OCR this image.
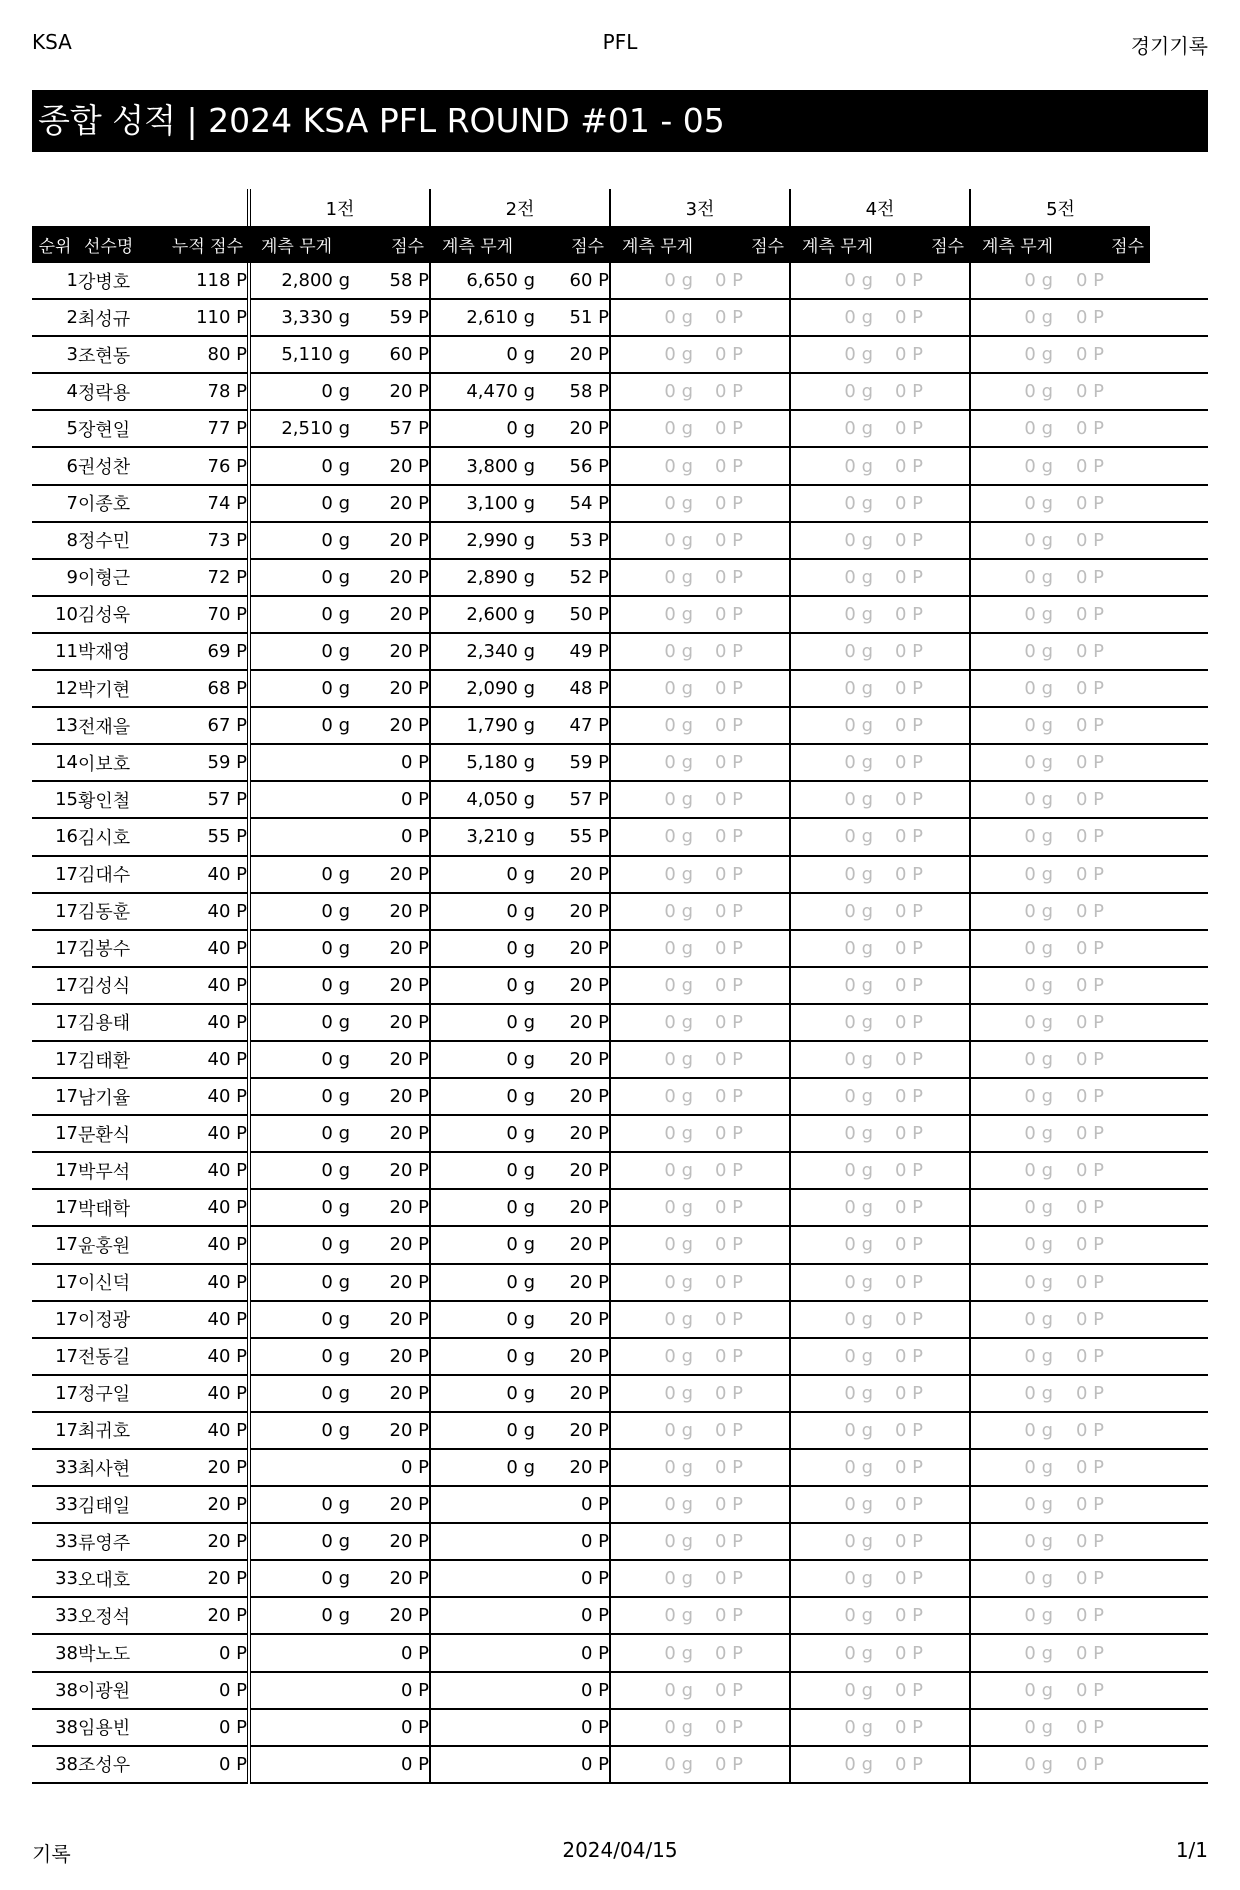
KSA	PFL	경기기록
종합 성적 | 2024 KSA PFL ROUND #01 - 05
			1전		2전		3전		4전		5전		
순위	선수명	누적 점수	계측 무게	점수	계측 무게	점수	계측 무게	점수	계측 무게	점수	계측 무게	점수	
1	강병호	118 P	2,800 g	58 P	6,650 g	60 P	0 g	0 P	0 g	0 P	0 g	0 P	
2	최성규	110 P	3,330 g	59 P	2,610 g	51 P	0 g	0 P	0 g	0 P	0 g	0 P	
3	조현동	80 P	5,110 g	60 P	0 g	20 P	0 g	0 P	0 g	0 P	0 g	0 P	
4	정락용	78 P	0 g	20 P	4,470 g	58 P	0 g	0 P	0 g	0 P	0 g	0 P	
5	장현일	77 P	2,510 g	57 P	0 g	20 P	0 g	0 P	0 g	0 P	0 g	0 P	
6	권성찬	76 P	0 g	20 P	3,800 g	56 P	0 g	0 P	0 g	0 P	0 g	0 P	
7	이종호	74 P	0 g	20 P	3,100 g	54 P	0 g	0 P	0 g	0 P	0 g	0 P	
8	정수민	73 P	0 g	20 P	2,990 g	53 P	0 g	0 P	0 g	0 P	0 g	0 P	
9	이형근	72 P	0 g	20 P	2,890 g	52 P	0 g	0 P	0 g	0 P	0 g	0 P	
10	김성욱	70 P	0 g	20 P	2,600 g	50 P	0 g	0 P	0 g	0 P	0 g	0 P	
11	박재영	69 P	0 g	20 P	2,340 g	49 P	0 g	0 P	0 g	0 P	0 g	0 P	
12	박기현	68 P	0 g	20 P	2,090 g	48 P	0 g	0 P	0 g	0 P	0 g	0 P	
13	전재을	67 P	0 g	20 P	1,790 g	47 P	0 g	0 P	0 g	0 P	0 g	0 P	
14	이보호	59 P		0 P	5,180 g	59 P	0 g	0 P	0 g	0 P	0 g	0 P	
15	황인철	57 P		0 P	4,050 g	57 P	0 g	0 P	0 g	0 P	0 g	0 P	
16	김시호	55 P		0 P	3,210 g	55 P	0 g	0 P	0 g	0 P	0 g	0 P	
17	김대수	40 P	0 g	20 P	0 g	20 P	0 g	0 P	0 g	0 P	0 g	0 P	
17	김동훈	40 P	0 g	20 P	0 g	20 P	0 g	0 P	0 g	0 P	0 g	0 P	
17	김봉수	40 P	0 g	20 P	0 g	20 P	0 g	0 P	0 g	0 P	0 g	0 P	
17	김성식	40 P	0 g	20 P	0 g	20 P	0 g	0 P	0 g	0 P	0 g	0 P	
17	김용태	40 P	0 g	20 P	0 g	20 P	0 g	0 P	0 g	0 P	0 g	0 P	
17	김태환	40 P	0 g	20 P	0 g	20 P	0 g	0 P	0 g	0 P	0 g	0 P	
17	남기율	40 P	0 g	20 P	0 g	20 P	0 g	0 P	0 g	0 P	0 g	0 P	
17	문환식	40 P	0 g	20 P	0 g	20 P	0 g	0 P	0 g	0 P	0 g	0 P	
17	박무석	40 P	0 g	20 P	0 g	20 P	0 g	0 P	0 g	0 P	0 g	0 P	
17	박태학	40 P	0 g	20 P	0 g	20 P	0 g	0 P	0 g	0 P	0 g	0 P	
17	윤홍원	40 P	0 g	20 P	0 g	20 P	0 g	0 P	0 g	0 P	0 g	0 P	
17	이신덕	40 P	0 g	20 P	0 g	20 P	0 g	0 P	0 g	0 P	0 g	0 P	
17	이정광	40 P	0 g	20 P	0 g	20 P	0 g	0 P	0 g	0 P	0 g	0 P	
17	전동길	40 P	0 g	20 P	0 g	20 P	0 g	0 P	0 g	0 P	0 g	0 P	
17	정구일	40 P	0 g	20 P	0 g	20 P	0 g	0 P	0 g	0 P	0 g	0 P	
17	최귀호	40 P	0 g	20 P	0 g	20 P	0 g	0 P	0 g	0 P	0 g	0 P	
33	최사현	20 P		0 P	0 g	20 P	0 g	0 P	0 g	0 P	0 g	0 P	
33	김태일	20 P	0 g	20 P		0 P	0 g	0 P	0 g	0 P	0 g	0 P	
33	류영주	20 P	0 g	20 P		0 P	0 g	0 P	0 g	0 P	0 g	0 P	
33	오대호	20 P	0 g	20 P		0 P	0 g	0 P	0 g	0 P	0 g	0 P	
33	오정석	20 P	0 g	20 P		0 P	0 g	0 P	0 g	0 P	0 g	0 P	
38	박노도	0 P		0 P		0 P	0 g	0 P	0 g	0 P	0 g	0 P	
38	이광원	0 P		0 P		0 P	0 g	0 P	0 g	0 P	0 g	0 P	
38	임용빈	0 P		0 P		0 P	0 g	0 P	0 g	0 P	0 g	0 P	
38	조성우	0 P		0 P		0 P	0 g	0 P	0 g	0 P	0 g	0 P	
기록	2024/04/15	1/1
